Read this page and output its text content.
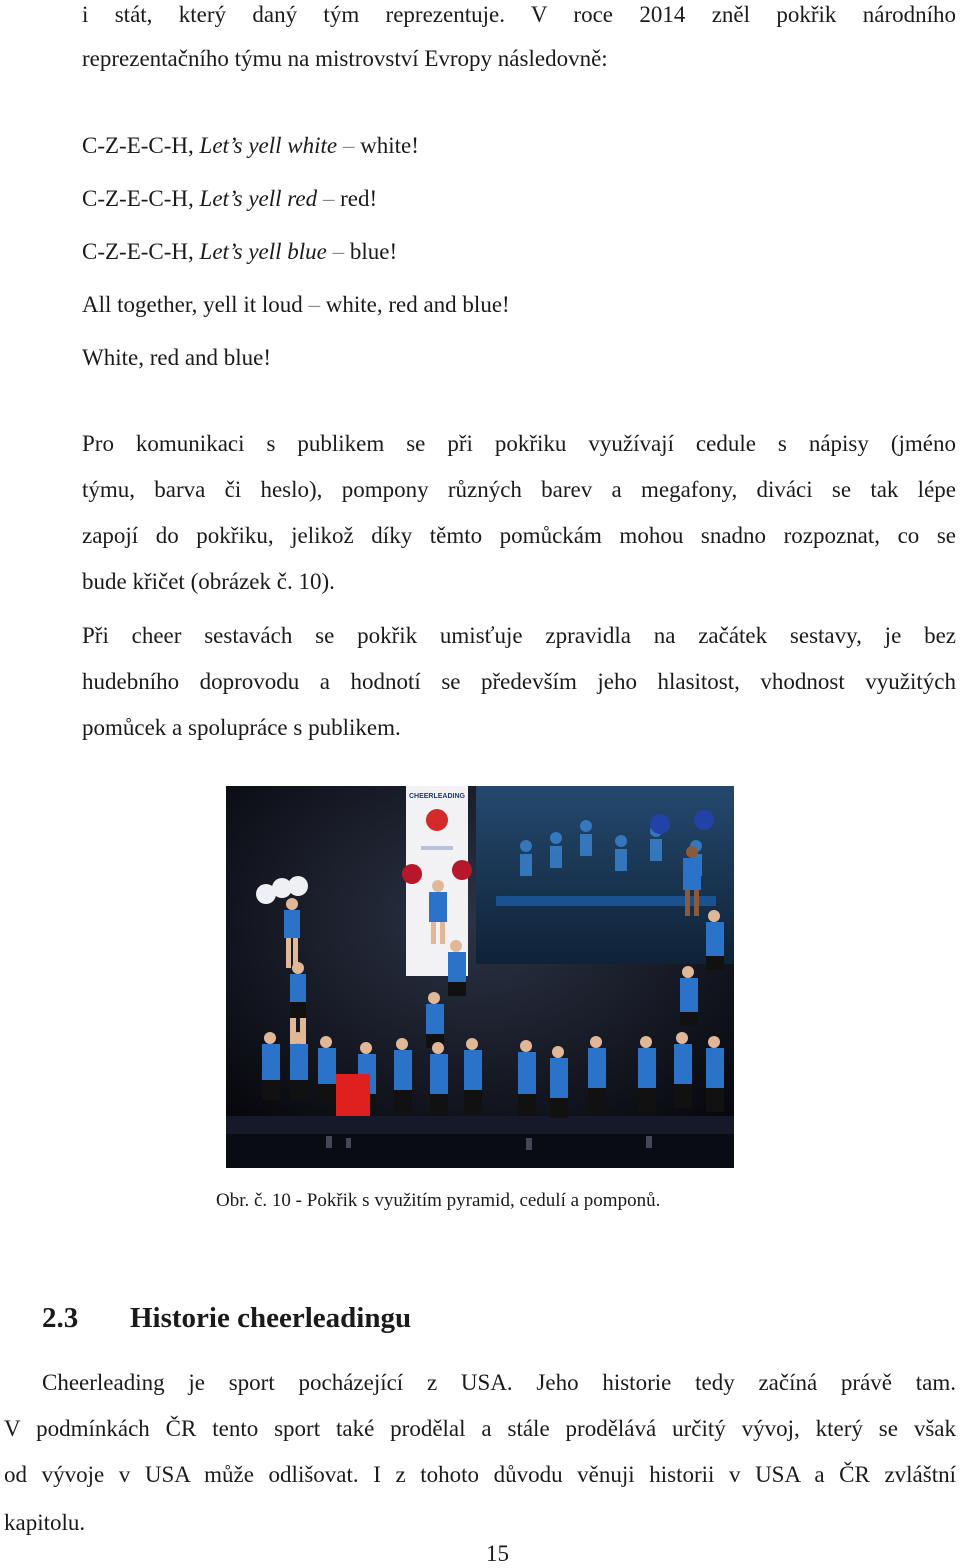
i stát, který daný tým reprezentuje. V roce 2014 zněl pokřik národního
reprezentačního týmu na mistrovství Evropy následovně:
C-Z-E-C-H, Let’s yell white – white!
C-Z-E-C-H, Let’s yell red – red!
C-Z-E-C-H, Let’s yell blue – blue!
All together, yell it loud – white, red and blue!
White, red and blue!
Pro komunikaci s publikem se při pokřiku využívají cedule s nápisy (jméno
týmu, barva či heslo), pompony různých barev a megafony, diváci se tak lépe
zapojí do pokřiku, jelikož díky těmto pomůckám mohou snadno rozpoznat, co se
bude křičet (obrázek č. 10).
Při cheer sestavách se pokřik umisťuje zpravidla na začátek sestavy, je bez
hudebního doprovodu a hodnotí se především jeho hlasitost, vhodnost využitých
pomůcek a spolupráce s publikem.
CHEERLEADING
Obr. č. 10 - Pokřik s využitím pyramid, cedulí a pomponů.
2.3 Historie cheerleadingu
Cheerleading je sport pocházející z USA. Jeho historie tedy začíná právě tam.
V podmínkách ČR tento sport také prodělal a stále prodělává určitý vývoj, který se však
od vývoje v USA může odlišovat. I z tohoto důvodu věnuji historii v USA a ČR zvláštní
kapitolu.
15
